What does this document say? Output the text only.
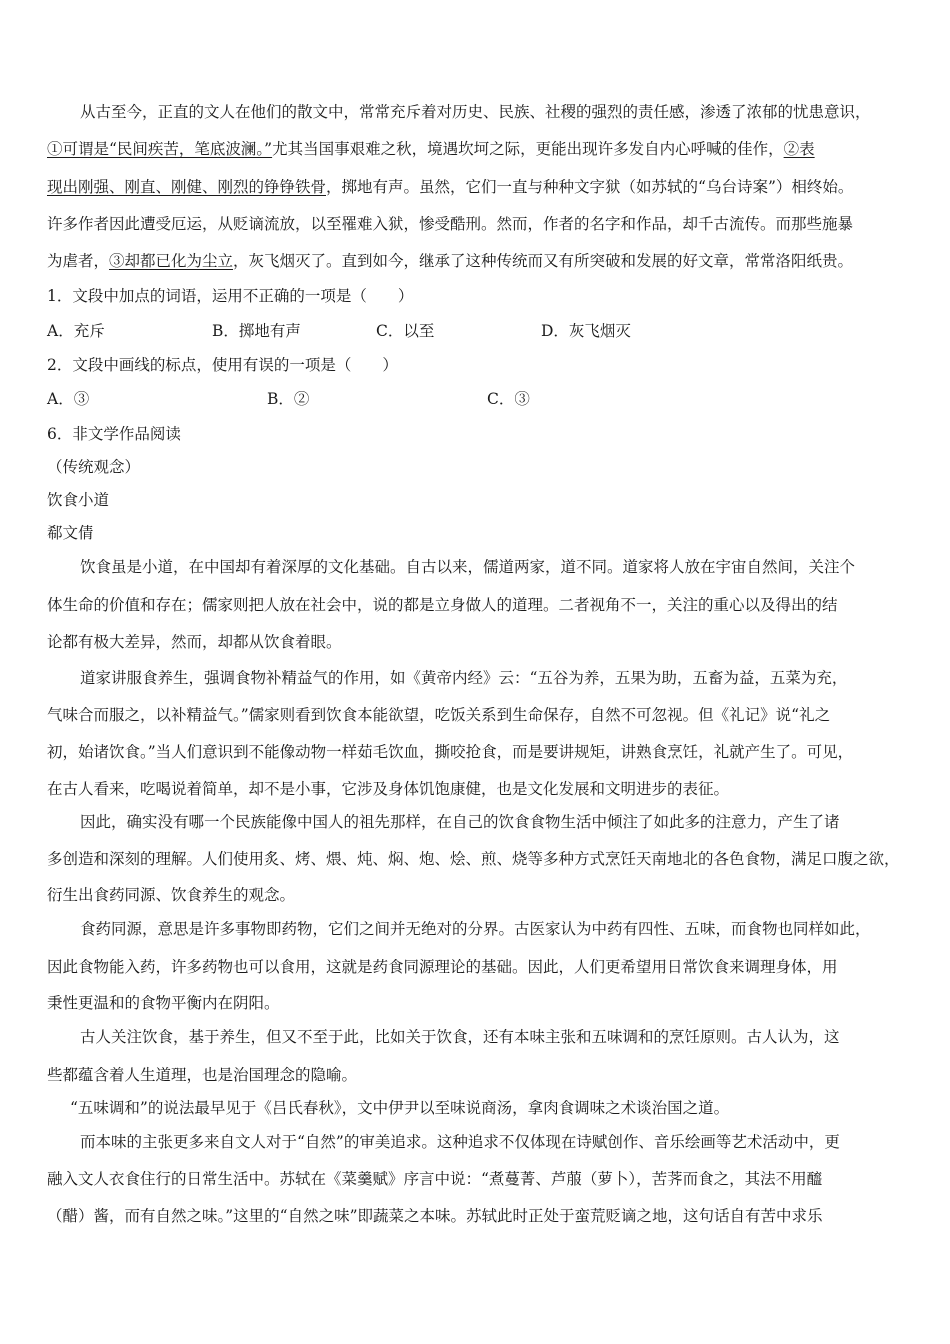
从古至今，正直的文人在他们的散文中，常常充斥着对历史、民族、社稷的强烈的责任感，渗透了浓郁的忧患意识，
①可谓是“民间疾苦，笔底波澜。”尤其当国事艰难之秋，境遇坎坷之际，更能出现许多发自内心呼喊的佳作，②表
现出刚强、刚直、刚健、刚烈的铮铮铁骨，掷地有声。虽然，它们一直与种种文字狱（如苏轼的“乌台诗案”）相终始。
许多作者因此遭受厄运，从贬谪流放，以至罹难入狱，惨受酷刑。然而，作者的名字和作品，却千古流传。而那些施暴
为虐者，③却都已化为尘立，灰飞烟灭了。直到如今，继承了这种传统而又有所突破和发展的好文章，常常洛阳纸贵。
1．文段中加点的词语，运用不正确的一项是（　　）
A．充斥	B．掷地有声	C．以至	D．灰飞烟灭
2．文段中画线的标点，使用有误的一项是（　　）
A．③	B．②	C．③
6．非文学作品阅读
（传统观念）
饮食小道
郗文倩
饮食虽是小道，在中国却有着深厚的文化基础。自古以来，儒道两家，道不同。道家将人放在宇宙自然间，关注个
体生命的价值和存在；儒家则把人放在社会中，说的都是立身做人的道理。二者视角不一，关注的重心以及得出的结
论都有极大差异，然而，却都从饮食着眼。
道家讲服食养生，强调食物补精益气的作用，如《黄帝内经》云：“五谷为养，五果为助，五畜为益，五菜为充，
气味合而服之，以补精益气。”儒家则看到饮食本能欲望，吃饭关系到生命保存，自然不可忽视。但《礼记》说“礼之
初，始诸饮食。”当人们意识到不能像动物一样茹毛饮血，撕咬抢食，而是要讲规矩，讲熟食烹饪，礼就产生了。可见，
在古人看来，吃喝说着简单，却不是小事，它涉及身体饥饱康健，也是文化发展和文明进步的表征。
因此，确实没有哪一个民族能像中国人的祖先那样，在自己的饮食食物生活中倾注了如此多的注意力，产生了诸
多创造和深刻的理解。人们使用炙、烤、煨、炖、焖、炮、烩、煎、烧等多种方式烹饪天南地北的各色食物，满足口腹之欲，
衍生出食药同源、饮食养生的观念。
食药同源，意思是许多事物即药物，它们之间并无绝对的分界。古医家认为中药有四性、五味，而食物也同样如此，
因此食物能入药，许多药物也可以食用，这就是药食同源理论的基础。因此，人们更希望用日常饮食来调理身体，用
秉性更温和的食物平衡内在阴阳。
古人关注饮食，基于养生，但又不至于此，比如关于饮食，还有本味主张和五味调和的烹饪原则。古人认为，这
些都蕴含着人生道理，也是治国理念的隐喻。
“五味调和”的说法最早见于《吕氏春秋》，文中伊尹以至味说商汤，拿肉食调味之术谈治国之道。
而本味的主张更多来自文人对于“自然”的审美追求。这种追求不仅体现在诗赋创作、音乐绘画等艺术活动中，更
融入文人衣食住行的日常生活中。苏轼在《菜羹赋》序言中说：“煮蔓菁、芦菔（萝卜），苦荠而食之，其法不用醯
（醋）酱，而有自然之味。”这里的“自然之味”即蔬菜之本味。苏轼此时正处于蛮荒贬谪之地，这句话自有苦中求乐
